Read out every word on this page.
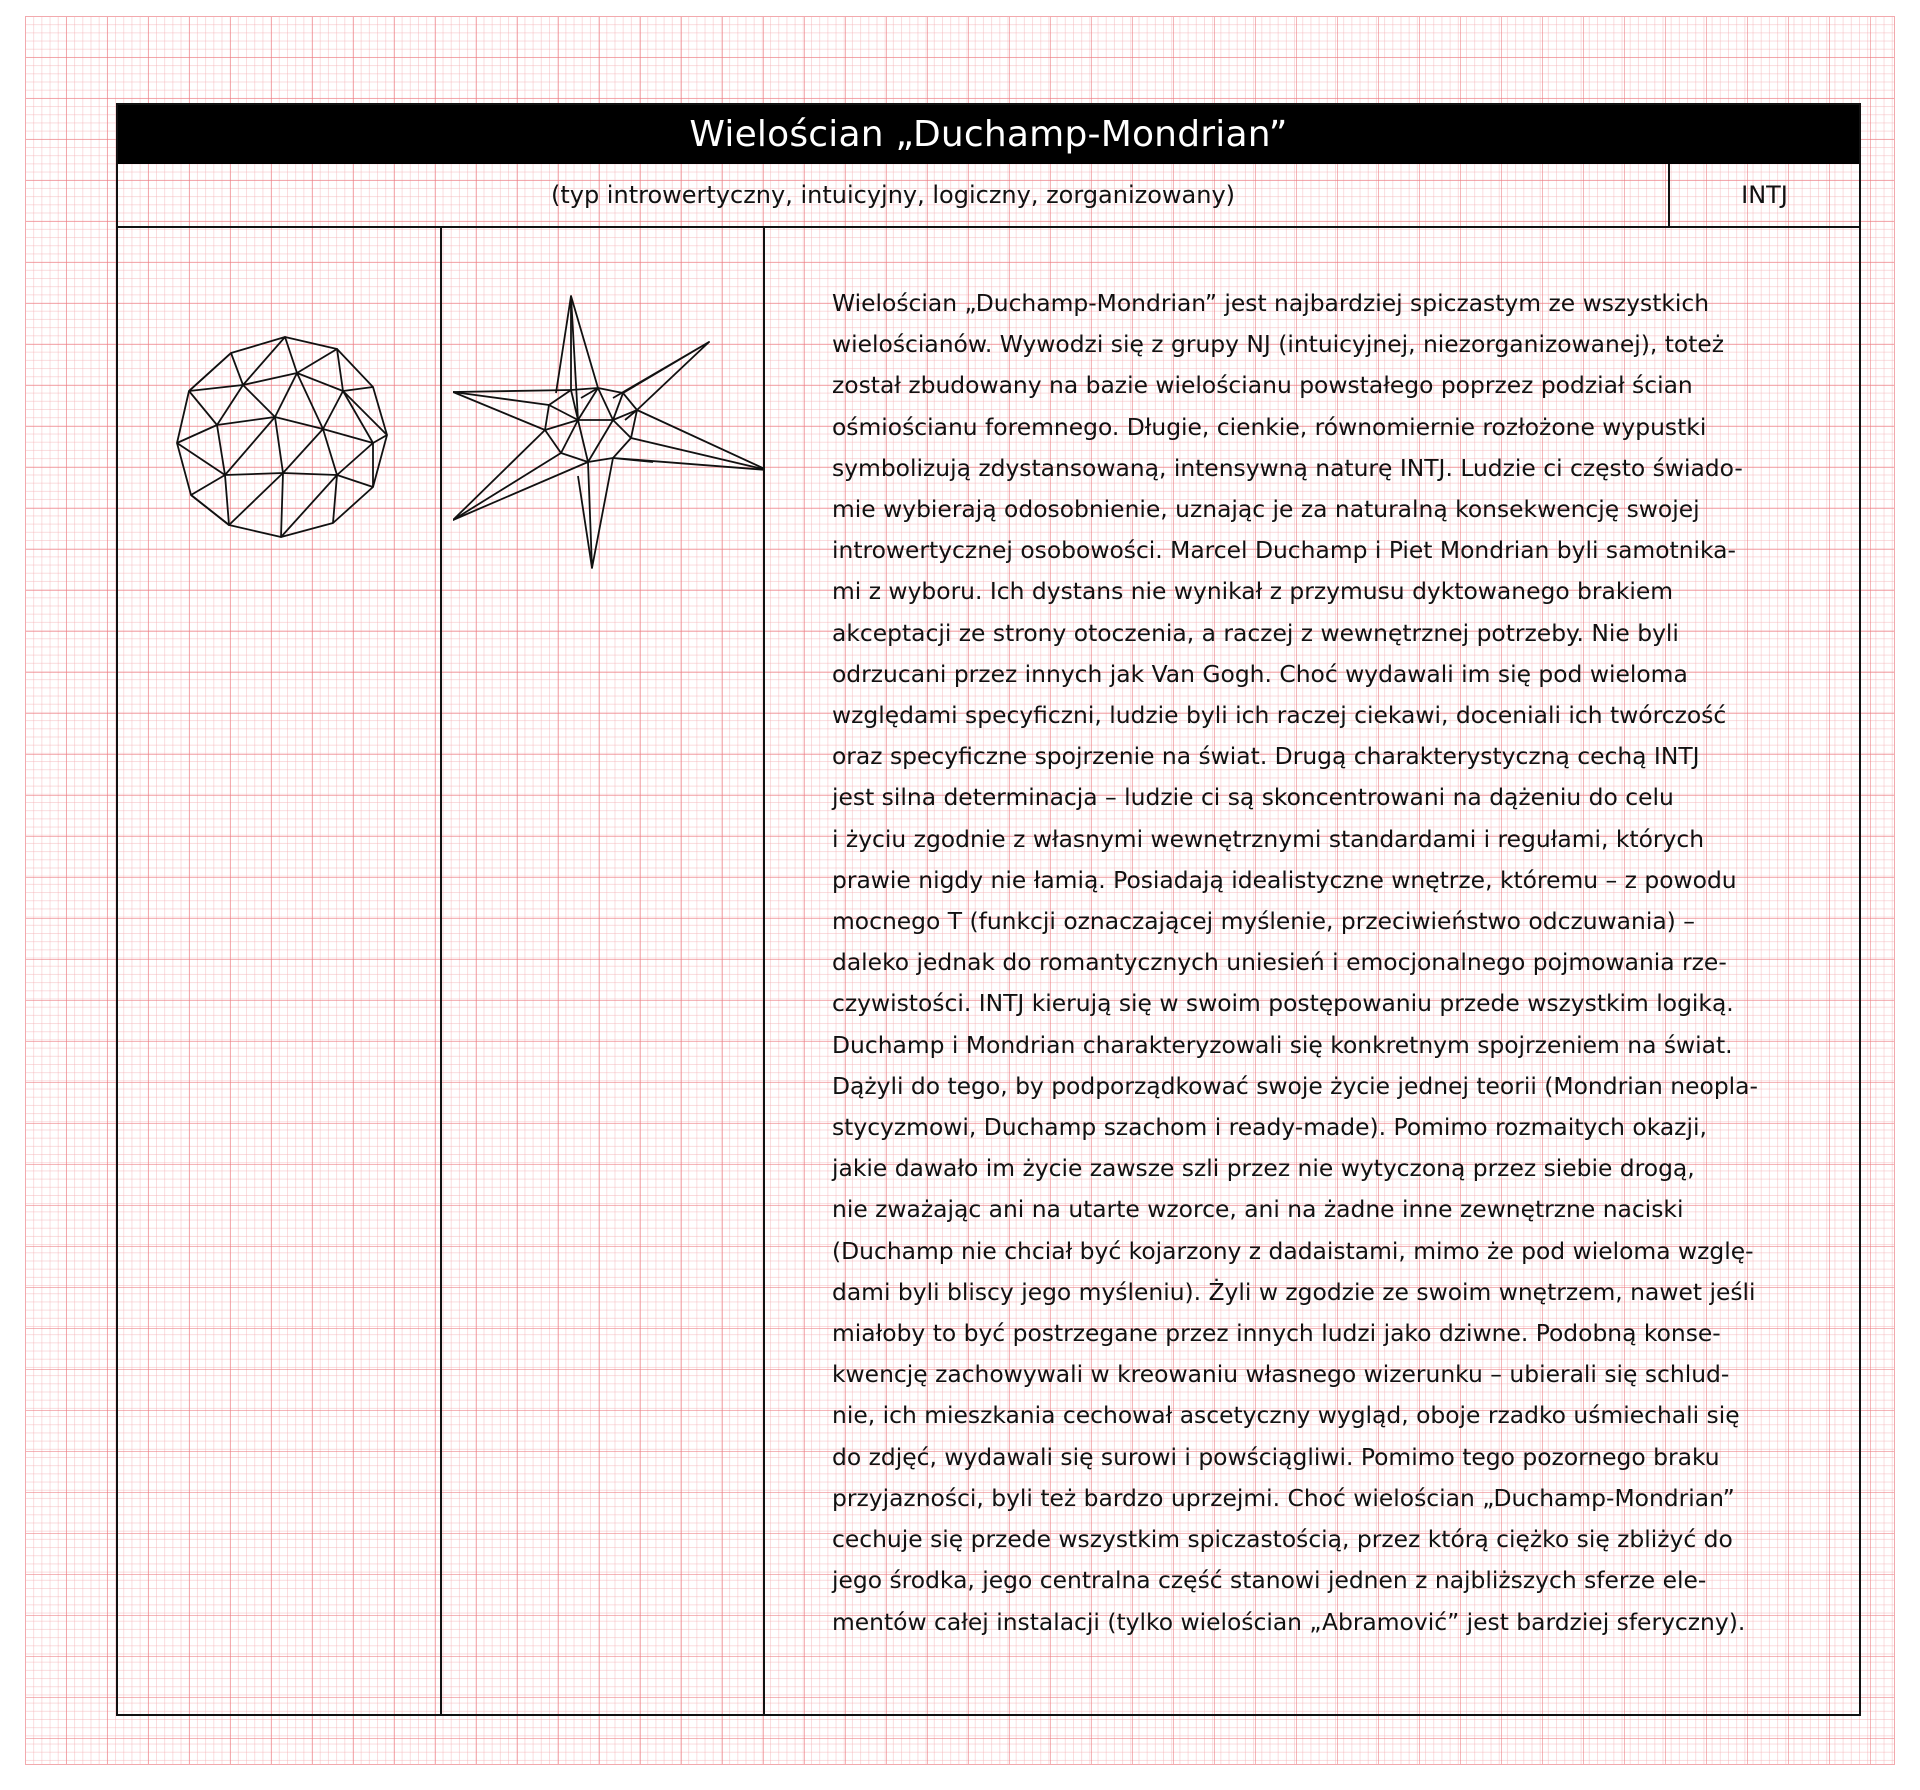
Wielościan „Duchamp-Mondrian”
(typ introwertyczny, intuicyjny, logiczny, zorganizowany)	INTJ
Wielościan „Duchamp-Mondrian” jest najbardziej spiczastym ze wszystkich
wielościanów. Wywodzi się z grupy NJ (intuicyjnej, niezorganizowanej), toteż
został zbudowany na bazie wielościanu powstałego poprzez podział ścian
ośmiościanu foremnego. Długie, cienkie, równomiernie rozłożone wypustki
symbolizują zdystansowaną, intensywną naturę INTJ. Ludzie ci często świado-
mie wybierają odosobnienie, uznając je za naturalną konsekwencję swojej
introwertycznej osobowości. Marcel Duchamp i Piet Mondrian byli samotnika-
mi z wyboru. Ich dystans nie wynikał z przymusu dyktowanego brakiem
akceptacji ze strony otoczenia, a raczej z wewnętrznej potrzeby. Nie byli
odrzucani przez innych jak Van Gogh. Choć wydawali im się pod wieloma
względami specyficzni, ludzie byli ich raczej ciekawi, doceniali ich twórczość
oraz specyficzne spojrzenie na świat. Drugą charakterystyczną cechą INTJ
jest silna determinacja – ludzie ci są skoncentrowani na dążeniu do celu
i życiu zgodnie z własnymi wewnętrznymi standardami i regułami, których
prawie nigdy nie łamią. Posiadają idealistyczne wnętrze, któremu – z powodu
mocnego T (funkcji oznaczającej myślenie, przeciwieństwo odczuwania) –
daleko jednak do romantycznych uniesień i emocjonalnego pojmowania rze-
czywistości. INTJ kierują się w swoim postępowaniu przede wszystkim logiką.
Duchamp i Mondrian charakteryzowali się konkretnym spojrzeniem na świat.
Dążyli do tego, by podporządkować swoje życie jednej teorii (Mondrian neopla-
stycyzmowi, Duchamp szachom i ready-made). Pomimo rozmaitych okazji,
jakie dawało im życie zawsze szli przez nie wytyczoną przez siebie drogą,
nie zważając ani na utarte wzorce, ani na żadne inne zewnętrzne naciski
(Duchamp nie chciał być kojarzony z dadaistami, mimo że pod wieloma wzglę-
dami byli bliscy jego myśleniu). Żyli w zgodzie ze swoim wnętrzem, nawet jeśli
miałoby to być postrzegane przez innych ludzi jako dziwne. Podobną konse-
kwencję zachowywali w kreowaniu własnego wizerunku – ubierali się schlud-
nie, ich mieszkania cechował ascetyczny wygląd, oboje rzadko uśmiechali się
do zdjęć, wydawali się surowi i powściągliwi. Pomimo tego pozornego braku
przyjazności, byli też bardzo uprzejmi. Choć wielościan „Duchamp-Mondrian”
cechuje się przede wszystkim spiczastością, przez którą ciężko się zbliżyć do
jego środka, jego centralna część stanowi jednen z najbliższych sferze ele-
mentów całej instalacji (tylko wielościan „Abramović” jest bardziej sferyczny).
